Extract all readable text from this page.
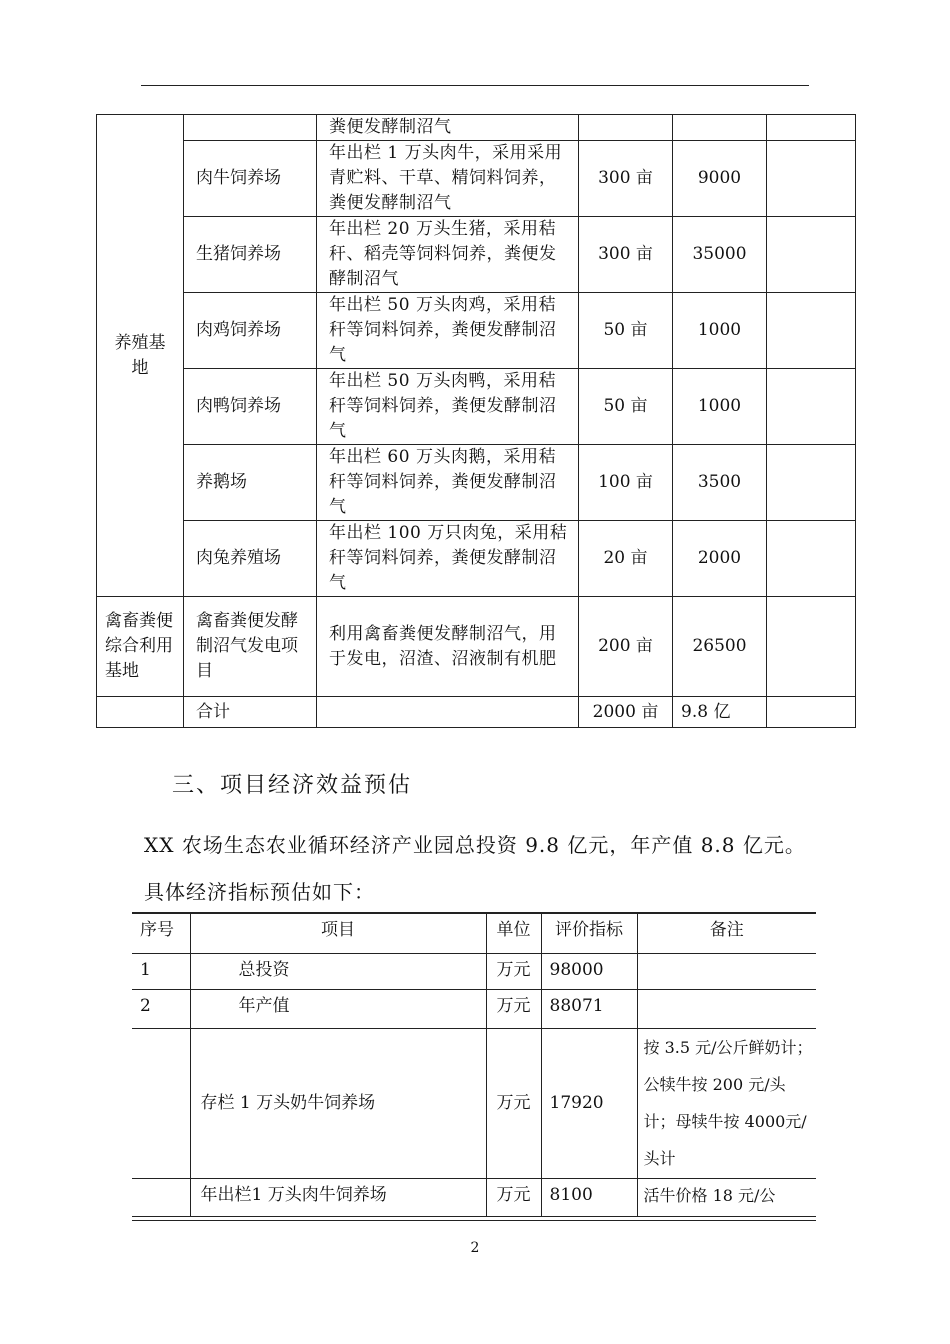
养殖基地		粪便发酵制沼气			
	肉牛饲养场	年出栏 1 万头肉牛，采用采用青贮料、干草、精饲料饲养，粪便发酵制沼气	300 亩	9000	
	生猪饲养场	年出栏 20 万头生猪，采用秸秆、稻壳等饲料饲养，粪便发酵制沼气	300 亩	35000	
	肉鸡饲养场	年出栏 50 万头肉鸡，采用秸秆等饲料饲养，粪便发酵制沼气	50 亩	1000	
	肉鸭饲养场	年出栏 50 万头肉鸭，采用秸秆等饲料饲养，粪便发酵制沼气	50 亩	1000	
	养鹅场	年出栏 60 万头肉鹅，采用秸秆等饲料饲养，粪便发酵制沼气	100 亩	3500	
	肉兔养殖场	年出栏 100 万只肉兔，采用秸秆等饲料饲养，粪便发酵制沼气	20 亩	2000	
禽畜粪便综合利用基地	禽畜粪便发酵制沼气发电项目	利用禽畜粪便发酵制沼气，用于发电，沼渣、沼液制有机肥	200 亩	26500	
	合计		2000 亩	9.8 亿	
三、项目经济效益预估
XX 农场生态农业循环经济产业园总投资 9.8 亿元，年产值 8.8 亿元。具体经济指标预估如下：
序号	项目	单位	评价指标	备注
1	总投资	万元	98000	
2	年产值	万元	88071	
	存栏 1 万头奶牛饲养场	万元	17920	按 3.5 元/公斤鲜奶计；公犊牛按 200 元/头计；母犊牛按 4000元/头计
	年出栏1 万头肉牛饲养场	万元	8100	活牛价格 18 元/公
2
